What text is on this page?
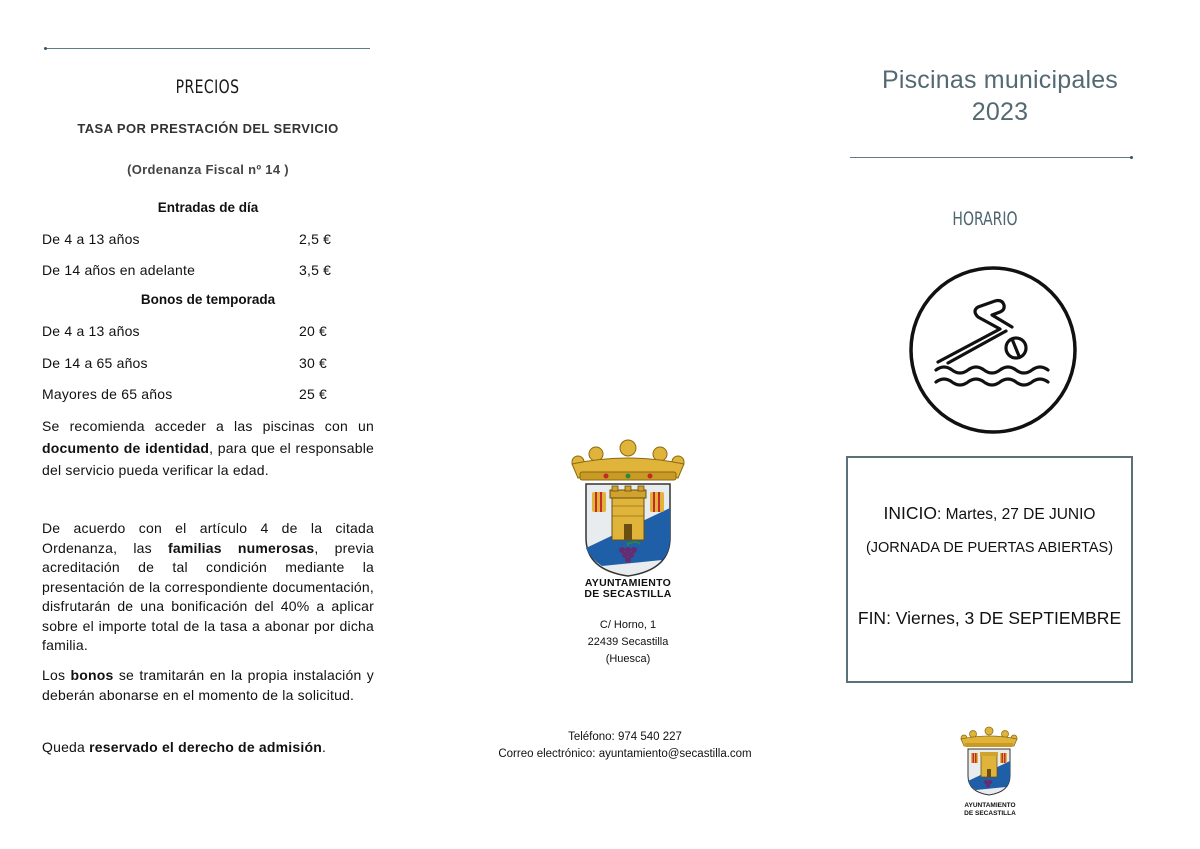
PRECIOS
TASA POR PRESTACIÓN DEL SERVICIO
(Ordenanza Fiscal nº 14 )
Entradas de día
De 4 a 13 años	2,5 €
De 14 años en adelante	3,5 €
Bonos de temporada
De 4 a 13 años	20 €
De 14 a 65 años	30 €
Mayores de 65 años	25 €

Se recomienda acceder a las piscinas con un documento de identidad, para que el responsable del servicio pueda verificar la edad.

De acuerdo con el artículo 4 de la citada Ordenanza, las familias numerosas, previa acreditación de tal condición mediante la presentación de la correspondiente documentación, disfrutarán de una bonificación del 40% a aplicar sobre el importe total de la tasa a abonar por dicha familia.

Los bonos se tramitarán en la propia instalación y deberán abonarse en el momento de la solicitud.

Queda reservado el derecho de admisión.

AYUNTAMIENTO
DE SECASTILLA
C/ Horno, 1
22439 Secastilla
(Huesca)
Teléfono: 974 540 227
Correo electrónico: ayuntamiento@secastilla.com
Piscinas municipales
2023
HORARIO
INICIO: Martes, 27 DE JUNIO
(JORNADA DE PUERTAS ABIERTAS)
FIN: Viernes, 3 DE SEPTIEMBRE
AYUNTAMIENTO
DE SECASTILLA
